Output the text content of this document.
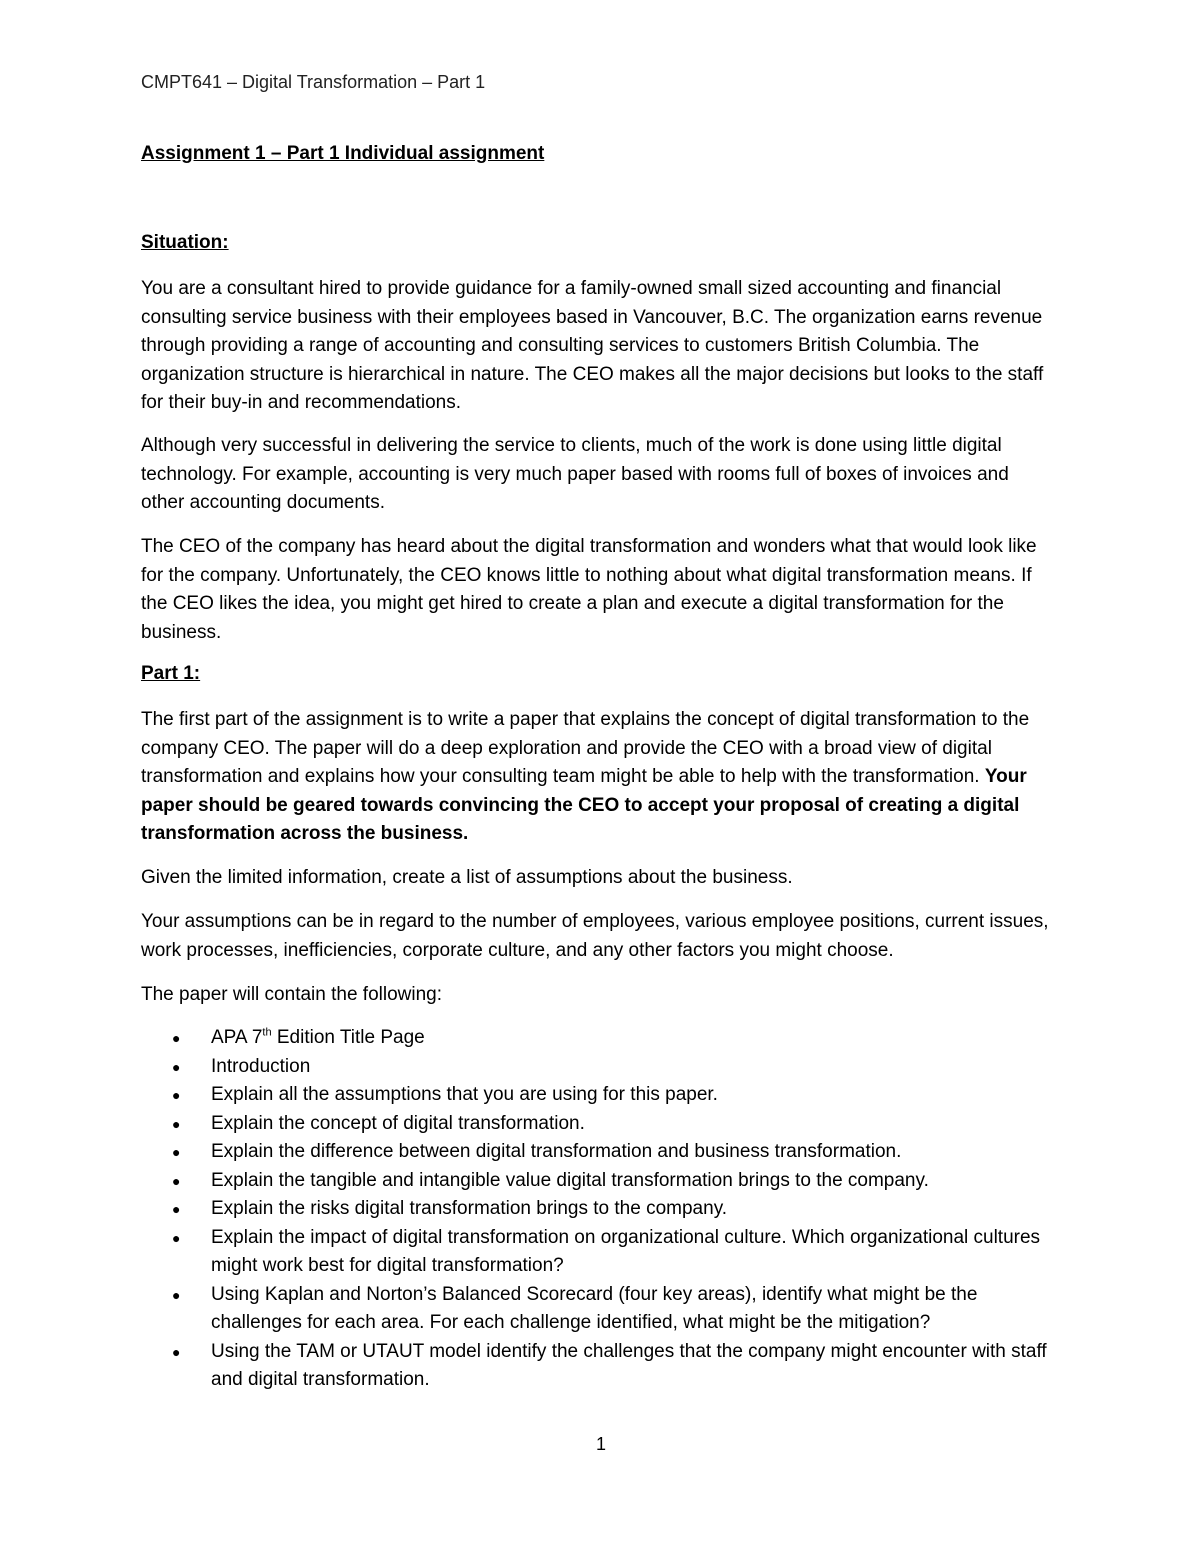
CMPT641 – Digital Transformation – Part 1
Assignment 1 – Part 1 Individual assignment
Situation:

You are a consultant hired to provide guidance for a family-owned small sized accounting and financial consulting service business with their employees based in Vancouver, B.C. The organization earns revenue through providing a range of accounting and consulting services to customers British Columbia. The organization structure is hierarchical in nature. The CEO makes all the major decisions but looks to the staff for their buy-in and recommendations.

Although very successful in delivering the service to clients, much of the work is done using little digital technology. For example, accounting is very much paper based with rooms full of boxes of invoices and other accounting documents.

The CEO of the company has heard about the digital transformation and wonders what that would look like for the company. Unfortunately, the CEO knows little to nothing about what digital transformation means. If the CEO likes the idea, you might get hired to create a plan and execute a digital transformation for the business.

Part 1:

The first part of the assignment is to write a paper that explains the concept of digital transformation to the company CEO. The paper will do a deep exploration and provide the CEO with a broad view of digital transformation and explains how your consulting team might be able to help with the transformation. Your paper should be geared towards convincing the CEO to accept your proposal of creating a digital transformation across the business.

Given the limited information, create a list of assumptions about the business.

Your assumptions can be in regard to the number of employees, various employee positions, current issues, work processes, inefficiencies, corporate culture, and any other factors you might choose.

The paper will contain the following:

● APA 7th Edition Title Page
● Introduction
● Explain all the assumptions that you are using for this paper.
● Explain the concept of digital transformation.
● Explain the difference between digital transformation and business transformation.
● Explain the tangible and intangible value digital transformation brings to the company.
● Explain the risks digital transformation brings to the company.
● Explain the impact of digital transformation on organizational culture. Which organizational cultures might work best for digital transformation?
● Using Kaplan and Norton’s Balanced Scorecard (four key areas), identify what might be the challenges for each area. For each challenge identified, what might be the mitigation?
● Using the TAM or UTAUT model identify the challenges that the company might encounter with staff and digital transformation.
1
